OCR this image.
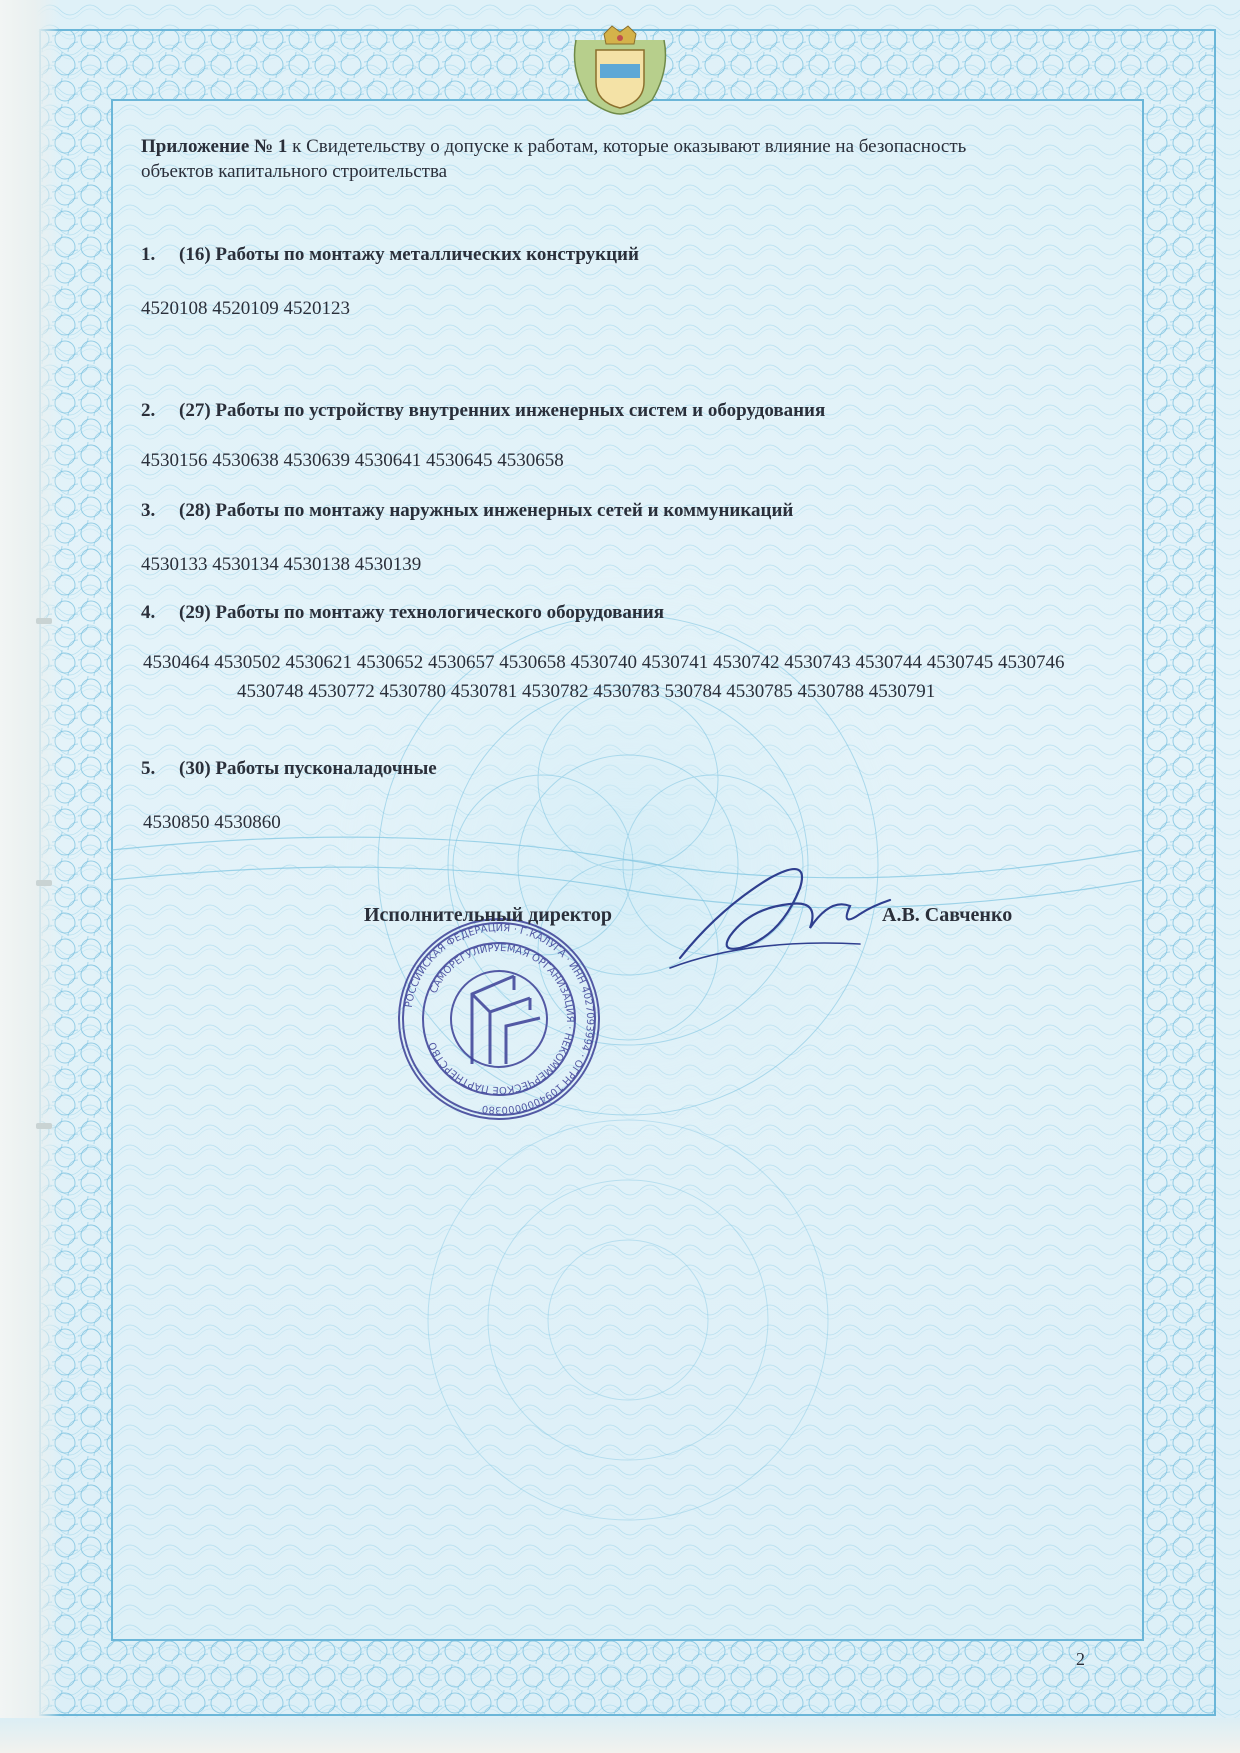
РОССИЙСКАЯ ФЕДЕРАЦИЯ · Г.КАЛУГА · ИНН 4027093994 · ОГРН 1094000000380
САМОРЕГУЛИРУЕМАЯ ОРГАНИЗАЦИЯ · НЕКОММЕРЧЕСКОЕ ПАРТНЕРСТВО
Приложение № 1 к Свидетельству о допуске к работам, которые оказывают влияние на безопасность объектов капитального строительства
1. (16) Работы по монтажу металлических конструкций
4520108 4520109 4520123
2. (27) Работы по устройству внутренних инженерных систем и оборудования
4530156 4530638 4530639 4530641 4530645 4530658
3. (28) Работы по монтажу наружных инженерных сетей и коммуникаций
4530133 4530134 4530138 4530139
4. (29) Работы по монтажу технологического оборудования
4530464 4530502 4530621 4530652 4530657 4530658 4530740 4530741 4530742 4530743 4530744 4530745 4530746 4530748 4530772 4530780 4530781 4530782 4530783 530784 4530785 4530788 4530791
5. (30) Работы пусконаладочные
4530850 4530860
Исполнительный директор	А.В. Савченко
2
